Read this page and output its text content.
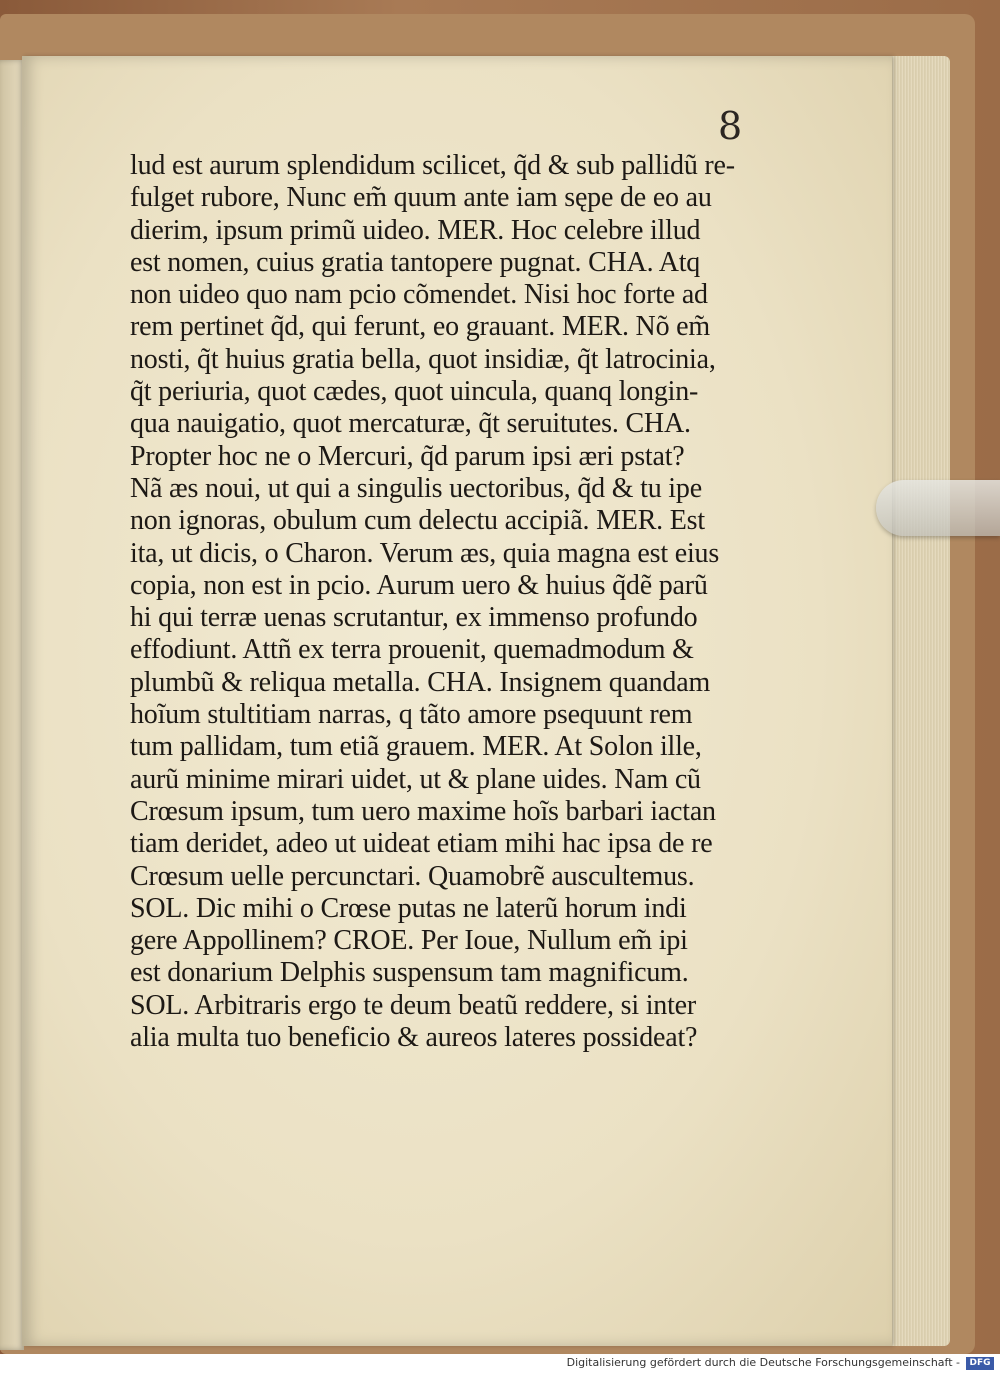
8
lud est aurum splendidum scilicet, q̃d & sub pallidũ re-
fulget rubore, Nunc em̃ quum ante iam sępe de eo au
dierim, ipsum primũ uideo. MER. Hoc celebre illud
est nomen, cuius gratia tantopere pugnat. CHA. Atq
non uideo quo nam pcio cõmendet. Nisi hoc forte ad
rem pertinet q̃d, qui ferunt, eo grauant. MER. Nõ em̃
nosti, q̃t huius gratia bella, quot insidiæ, q̃t latrocinia,
q̃t periuria, quot cædes, quot uincula, quanq longin-
qua nauigatio, quot mercaturæ, q̃t seruitutes. CHA.
Propter hoc ne o Mercuri, q̃d parum ipsi æri pstat?
Nã æs noui, ut qui a singulis uectoribus, q̃d & tu ipe
non ignoras, obulum cum delectu accipiã. MER. Est
ita, ut dicis, o Charon. Verum æs, quia magna est eius
copia, non est in pcio. Aurum uero & huius q̃dẽ parũ
hi qui terræ uenas scrutantur, ex immenso profundo
effodiunt. Attñ ex terra prouenit, quemadmodum &
plumbũ & reliqua metalla. CHA. Insignem quandam
hoĩum stultitiam narras, q tãto amore psequunt rem
tum pallidam, tum etiã grauem. MER. At Solon ille,
aurũ minime mirari uidet, ut & plane uides. Nam cũ
Crœsum ipsum, tum uero maxime hoĩs barbari iactan
tiam deridet, adeo ut uideat etiam mihi hac ipsa de re
Crœsum uelle percunctari. Quamobrẽ auscultemus.
SOL. Dic mihi o Crœse putas ne laterũ horum indi
gere Appollinem? CROE. Per Ioue, Nullum em̃ ipi
est donarium Delphis suspensum tam magnificum.
SOL. Arbitraris ergo te deum beatũ reddere, si inter
alia multa tuo beneficio & aureos lateres possideat?
Digitalisierung gefördert durch die Deutsche Forschungsgemeinschaft -	DFG
